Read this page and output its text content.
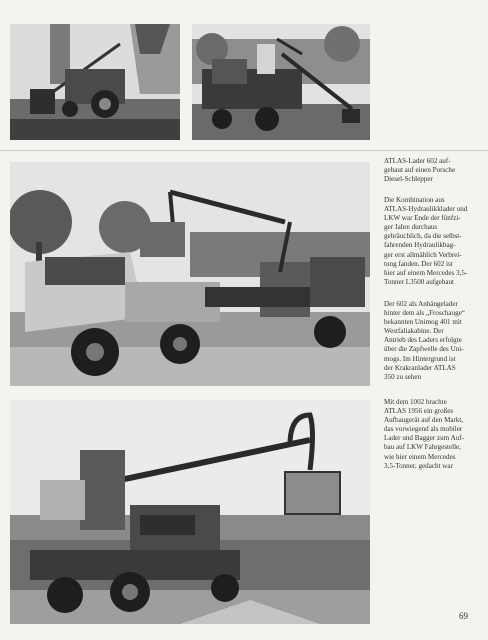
ATLAS-Lader 602 auf-

gebaut auf einen Porsche

Diesel-Schlepper

Die Kombination aus

ATLAS-Hydraulikklader und

LKW war Ende der fünfzi-

ger Jahre durchaus

gebräuchlich, da die selbst-

fahrenden Hydraulikbag-

ger erst allmählich Verbrei-

tung fanden. Der 602 ist

hier auf einem Mercedes 3,5-

Tonner L3500 aufgebaut

Der 602 als Anhängelader

hinter dem als „Froschauge“

bekannten Unimog 401 mit

Westfaliakabine. Der

Antrieb des Laders erfolgte

über die Zapfwelle des Uni-

mogs. Im Hintergrund ist

der Krakranlader ATLAS

350 zu sehen

Mit dem 1002 brachte

ATLAS 1956 ein großes

Aufbaugerät auf den Markt,

das vorwiegend als mobiler

Lader und Bagger zum Auf-

bau auf LKW Fahrgestelle,

wie hier einem Mercedes

3,5-Tonner, gedacht war

69
